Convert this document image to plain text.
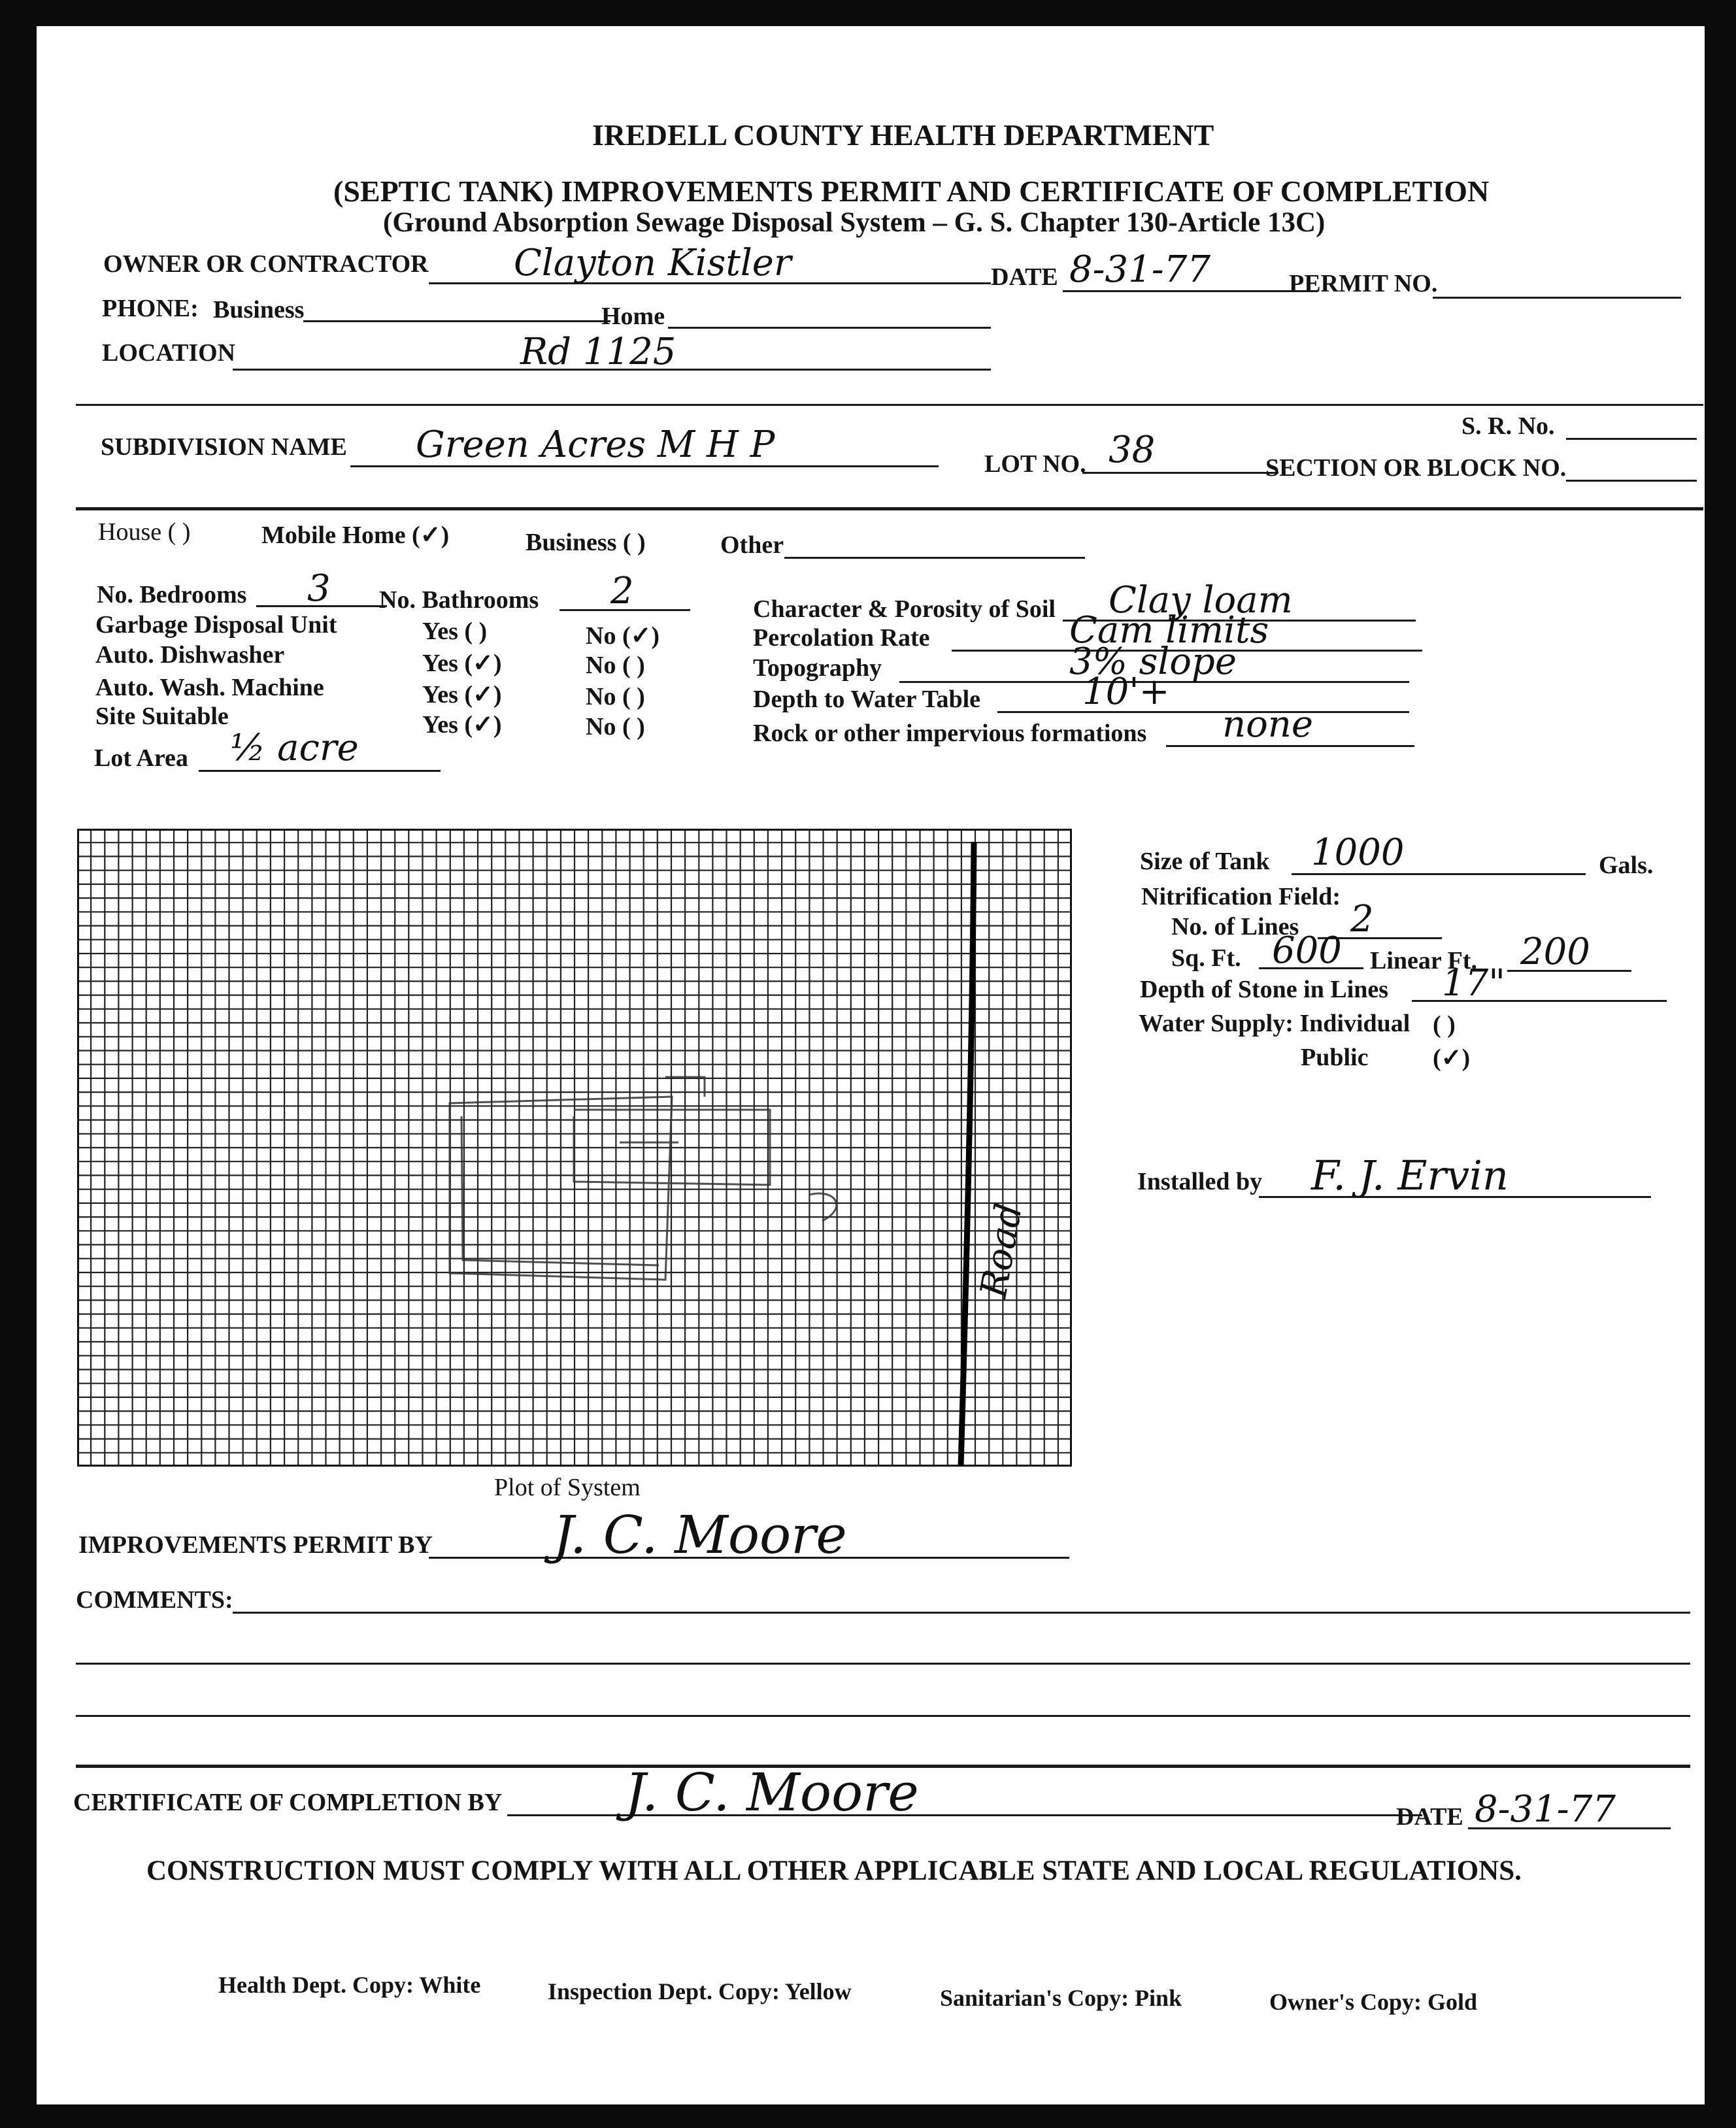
IREDELL COUNTY HEALTH DEPARTMENT
(SEPTIC TANK) IMPROVEMENTS PERMIT AND CERTIFICATE OF COMPLETION
(Ground Absorption Sewage Disposal System – G. S. Chapter 130-Article 13C)
OWNER OR CONTRACTOR Clayton Kistler	DATE 8-31-77	PERMIT NO.
PHONE: Business	Home
LOCATION	Rd 1125
S. R. No.
SUBDIVISION NAME Green Acres M H P	LOT NO. 38	SECTION OR BLOCK NO.
House ( )	Mobile Home (✓)	Business ( )	Other
No. Bedrooms 3 No. Bathrooms 2
Garbage Disposal Unit	Yes ( )	No (✓)
Auto. Dishwasher	Yes (✓)	No ( )
Auto. Wash. Machine	Yes (✓)	No ( )
Site Suitable	Yes (✓)	No ( )
Lot Area ½ acre
Character & Porosity of Soil Clay loam
Percolation Rate	Cam limits
Topography	3% slope
Depth to Water Table	10'+
Rock or other impervious formations none
Road
Plot of System
Size of Tank 1000	Gals.
Nitrification Field:
No. of Lines 2
Sq. Ft. 600 Linear Ft. 200
Depth of Stone in Lines 17"
Water Supply: Individual ( )
Public	(✓)
Installed by F. J. Ervin
IMPROVEMENTS PERMIT BY J. C. Moore
COMMENTS:
CERTIFICATE OF COMPLETION BY J. C. Moore	DATE 8-31-77
CONSTRUCTION MUST COMPLY WITH ALL OTHER APPLICABLE STATE AND LOCAL REGULATIONS.
Health Dept. Copy: White	Inspection Dept. Copy: Yellow	Sanitarian's Copy: Pink	Owner's Copy: Gold
